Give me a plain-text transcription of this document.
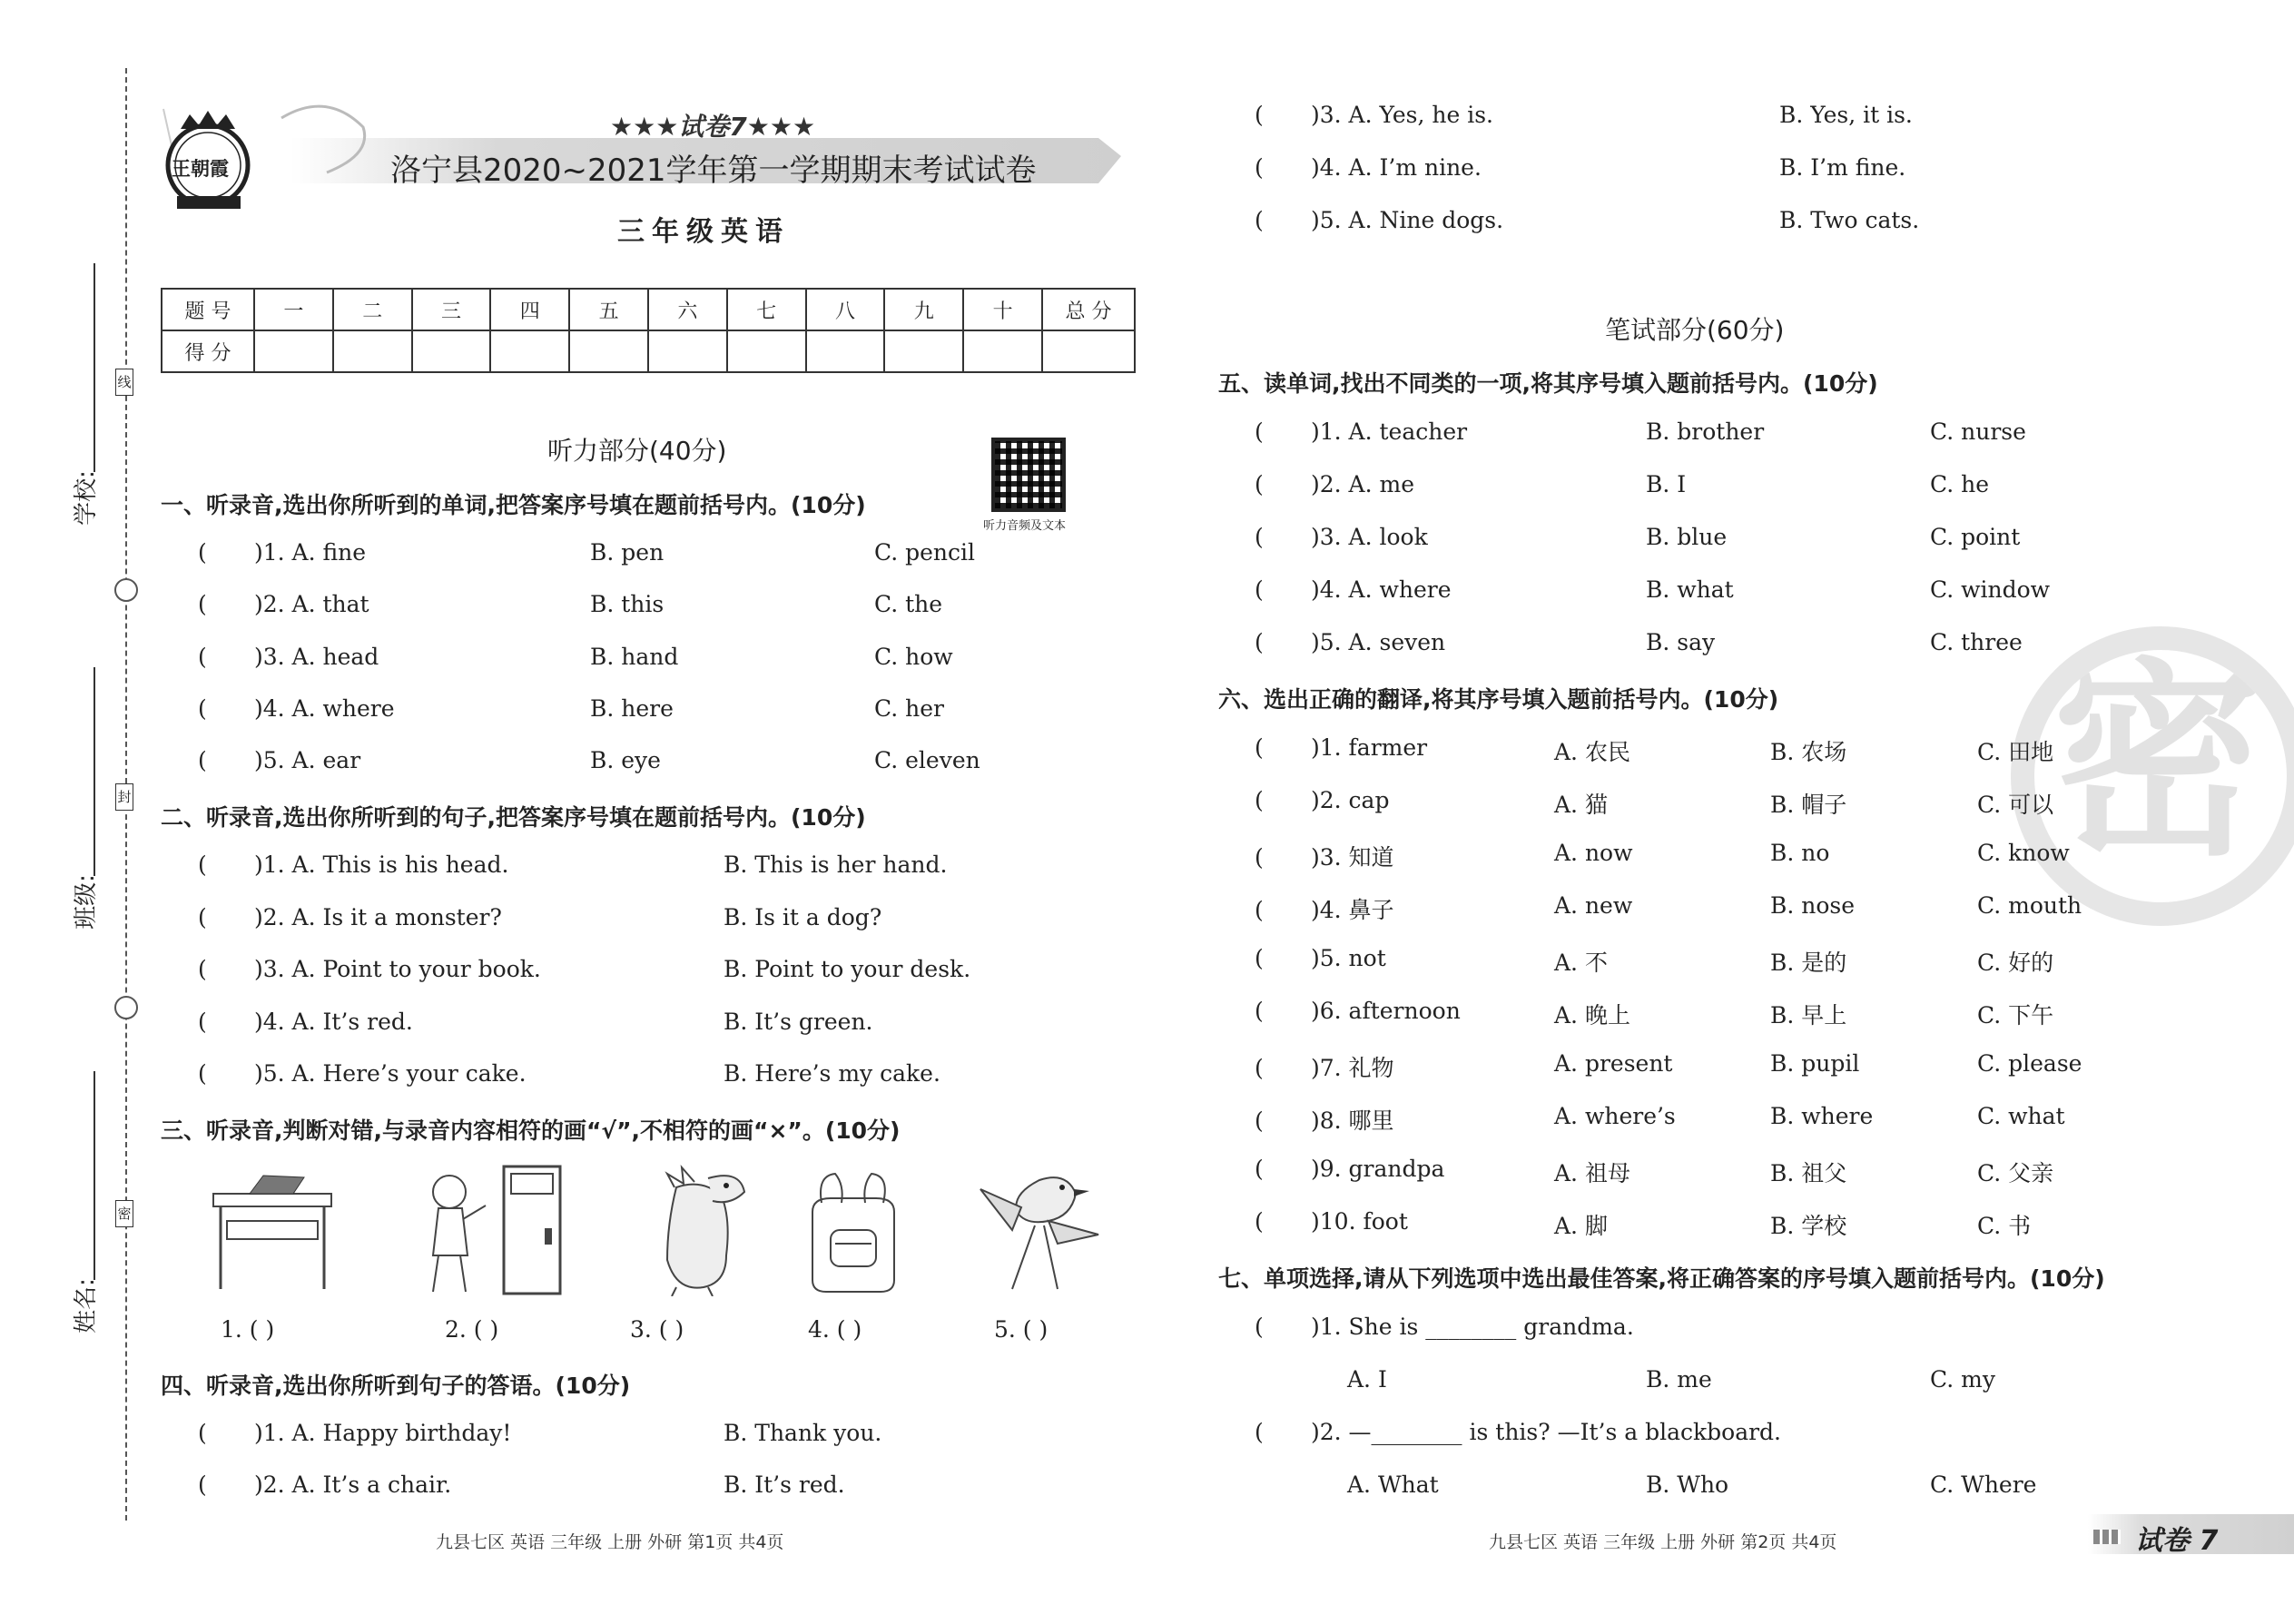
线
封
密
学校:
班级:
姓名:
王朝霞
★★★试卷7★★★
洛宁县2020~2021学年第一学期期末考试试卷
三年级英语
题 号	一	二	三	四	五	六	七	八	九	十	总 分
得 分											
听力部分(40分)
听力音频及文本
一、听录音,选出你所听到的单词,把答案序号填在题前括号内。(10分)
( )1. A. fine	B. pen	C. pencil
( )2. A. that	B. this	C. the
( )3. A. head	B. hand	C. how
( )4. A. where	B. here	C. her
( )5. A. ear	B. eye	C. eleven
二、听录音,选出你所听到的句子,把答案序号填在题前括号内。(10分)
( )1. A. This is his head.	B. This is her hand.
( )2. A. Is it a monster?	B. Is it a dog?
( )3. A. Point to your book.	B. Point to your desk.
( )4. A. It’s red.	B. It’s green.
( )5. A. Here’s your cake.	B. Here’s my cake.
三、听录音,判断对错,与录音内容相符的画“√”,不相符的画“×”。(10分)
1. ( )	2. ( )	3. ( )	4. ( )	5. ( )
四、听录音,选出你所听到句子的答语。(10分)
( )1. A. Happy birthday!	B. Thank you.
( )2. A. It’s a chair.	B. It’s red.
九县七区 英语 三年级 上册 外研 第1页 共4页
( )3. A. Yes, he is.	B. Yes, it is.
( )4. A. I’m nine.	B. I’m fine.
( )5. A. Nine dogs.	B. Two cats.
笔试部分(60分)
五、读单词,找出不同类的一项,将其序号填入题前括号内。(10分)
( )1. A. teacher	B. brother	C. nurse
( )2. A. me	B. I	C. he
( )3. A. look	B. blue	C. point
( )4. A. where	B. what	C. window
( )5. A. seven	B. say	C. three 密
六、选出正确的翻译,将其序号填入题前括号内。(10分)
( )1. farmer	A. 农民	B. 农场	C. 田地
( )2. cap	A. 猫	B. 帽子	C. 可以
( )3. 知道	A. now	B. no	C. know
( )4. 鼻子	A. new	B. nose	C. mouth
( )5. not	A. 不	B. 是的	C. 好的
( )6. afternoon	A. 晚上	B. 早上	C. 下午
( )7. 礼物	A. present	B. pupil	C. please
( )8. 哪里	A. where’s	B. where	C. what
( )9. grandpa	A. 祖母	B. 祖父	C. 父亲
( )10. foot	A. 脚	B. 学校	C. 书
七、单项选择,请从下列选项中选出最佳答案,将正确答案的序号填入题前括号内。(10分)
( )1. She is ________ grandma.
A. I	B. me	C. my
( )2. —________ is this? —It’s a blackboard.
A. What	B. Who	C. Where
九县七区 英语 三年级 上册 外研 第2页 共4页	试卷 7
